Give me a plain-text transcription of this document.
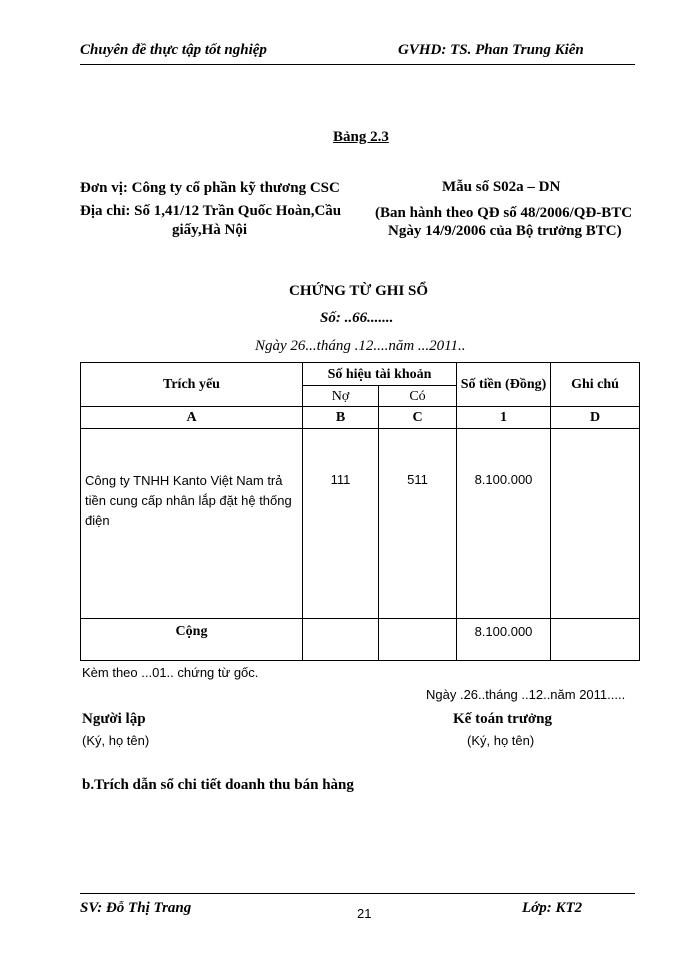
Chuyên đề thực tập tốt nghiệp	GVHD: TS. Phan Trung Kiên
Bảng 2.3
Đơn vị: Công ty cổ phần kỹ thương CSC
Địa chỉ: Số 1,41/12 Trần Quốc Hoàn,Cầu
giấy,Hà Nội
Mẫu số S02a – DN
(Ban hành theo QĐ số 48/2006/QĐ-BTC
Ngày 14/9/2006 của Bộ trưởng BTC)
CHỨNG TỪ GHI SỔ
Số: ..66.......
Ngày 26...tháng .12....năm ...2011..
Trích yếu	Số hiệu tài khoản		Số tiền (Đồng)	Ghi chú
	Nợ	Có		
A	B	C	1	D
Công ty TNHH Kanto Việt Nam trả tiền cung cấp nhân lắp đặt hệ thống điện	111	511	8.100.000	
Cộng			8.100.000	
Kèm theo ...01.. chứng từ gốc.
Ngày .26..tháng ..12..năm 2011.....
Người lập
(Ký, họ tên)
Kế toán trưởng
(Ký, họ tên)
b.Trích dẫn sổ chi tiết doanh thu bán hàng
SV: Đỗ Thị Trang	21	Lớp: KT2
